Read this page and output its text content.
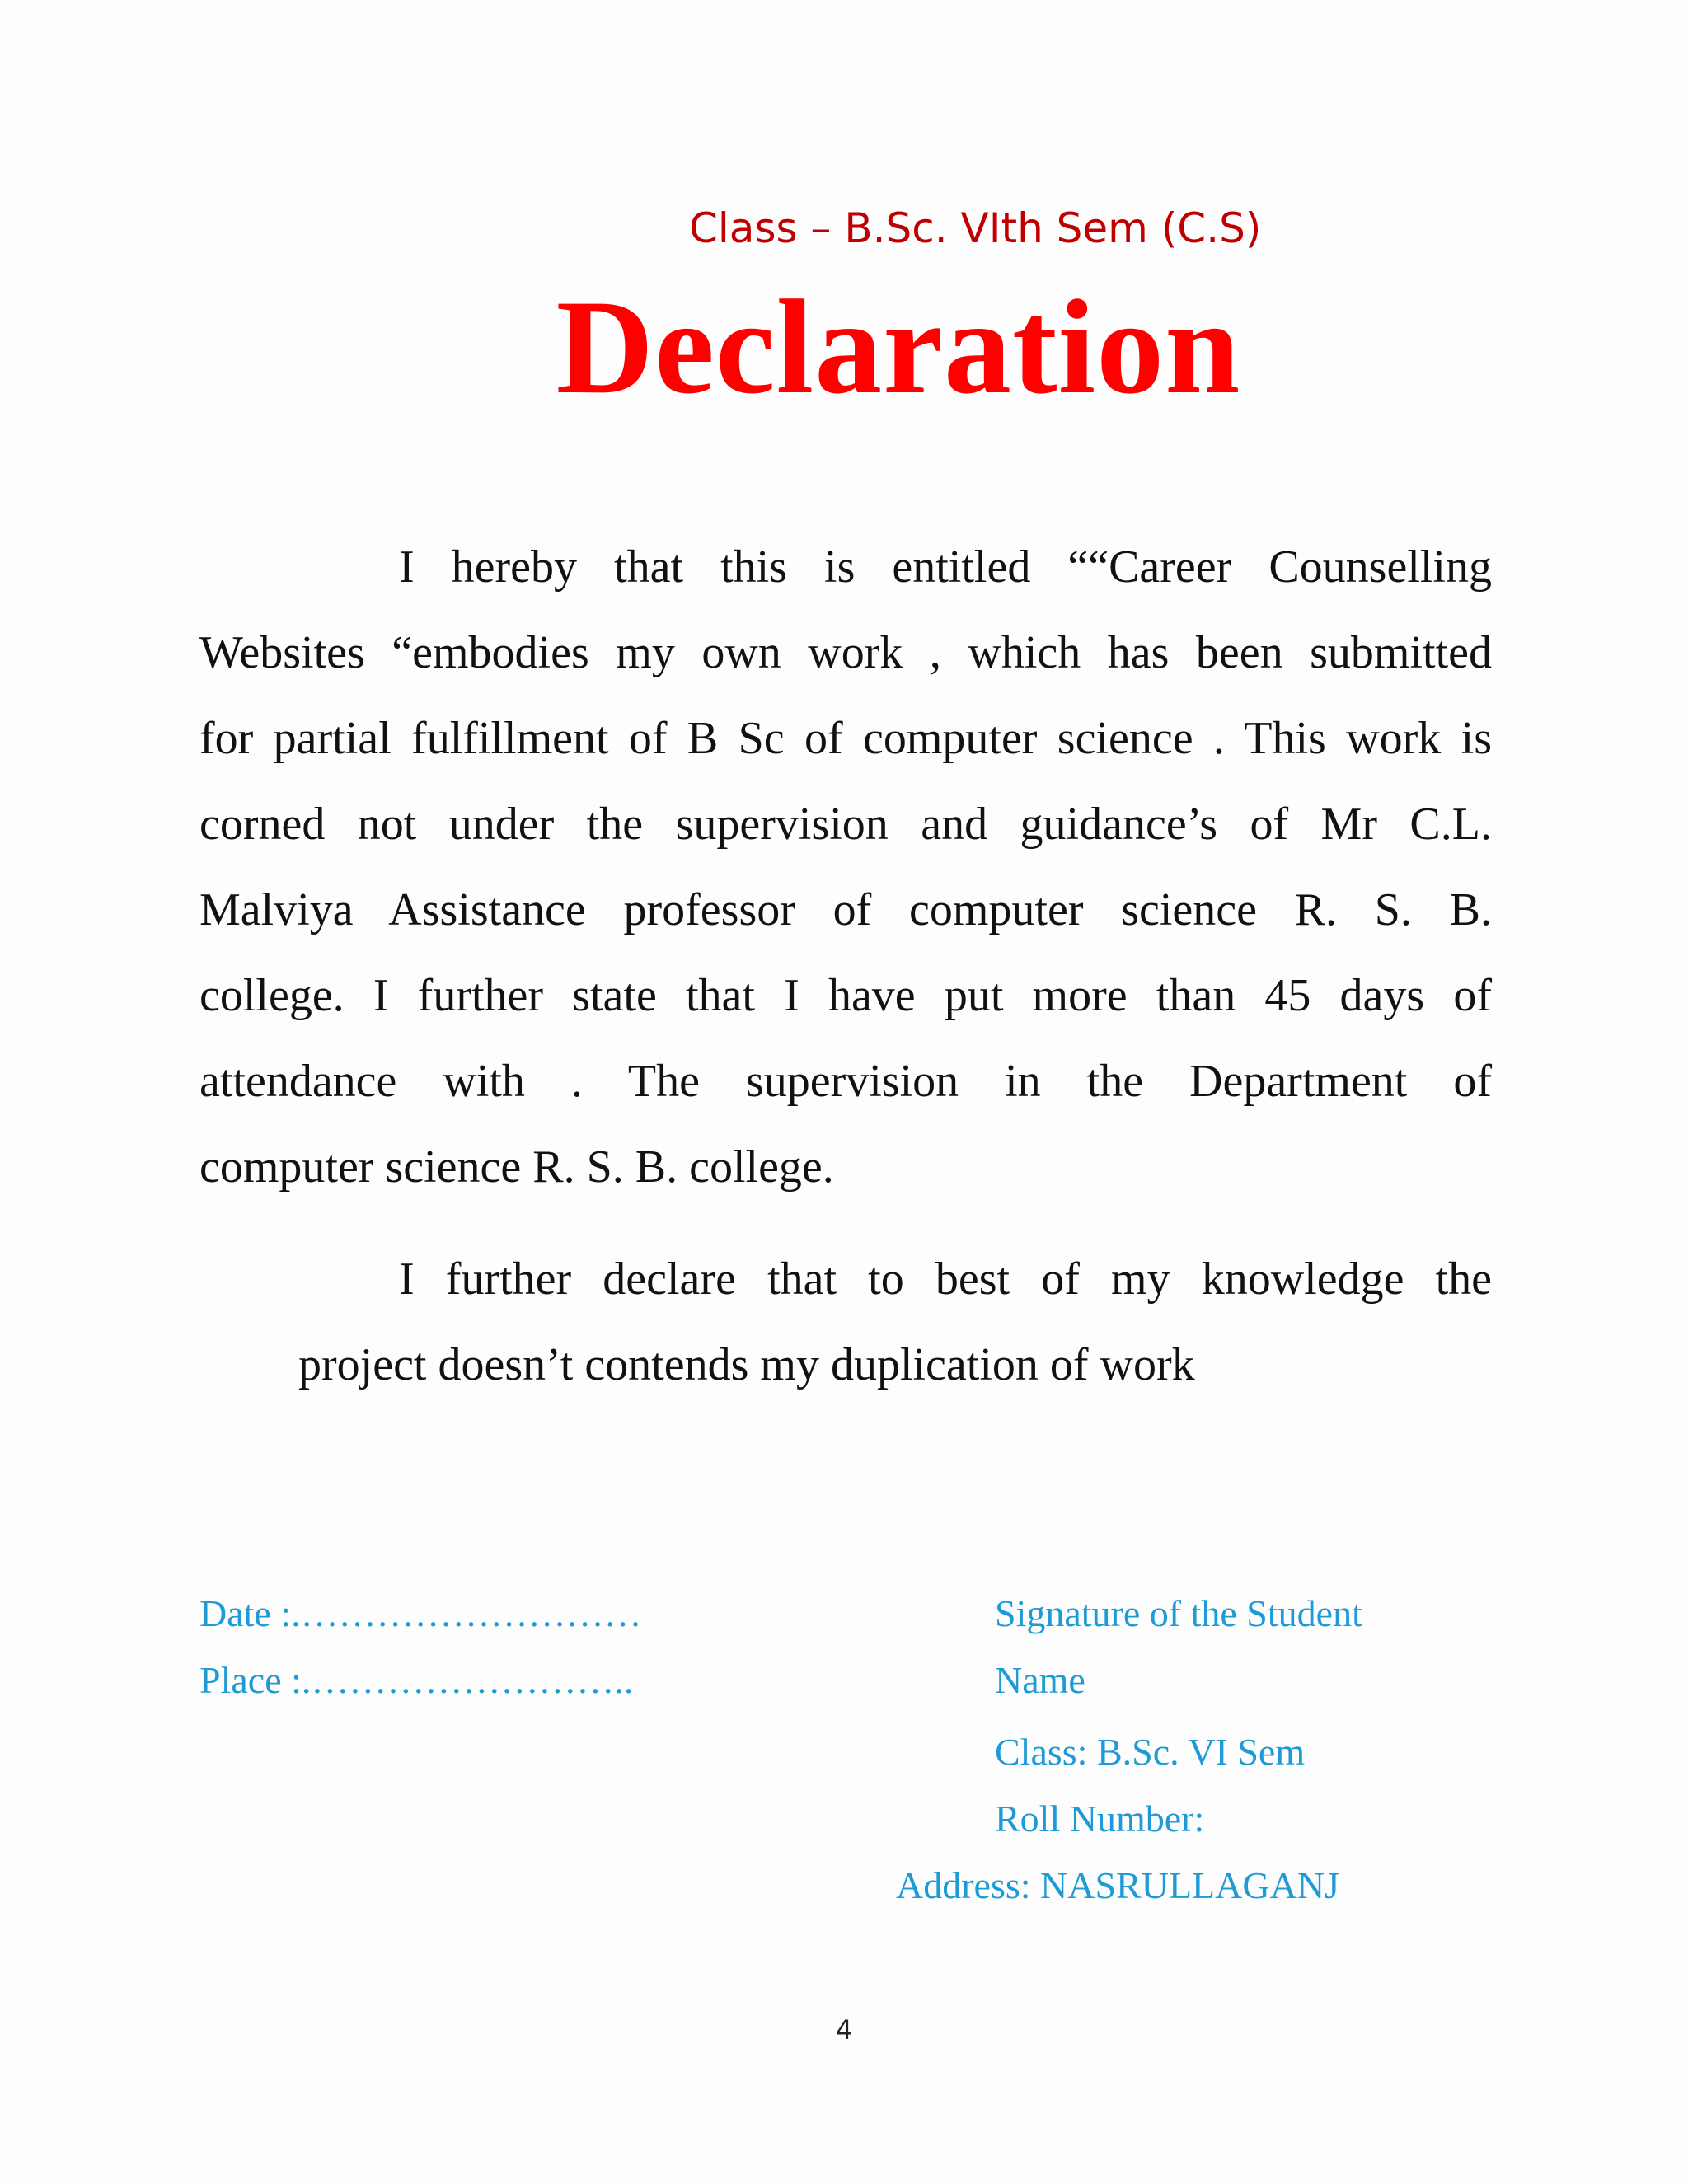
Class – B.Sc. VIth Sem (C.S)
Declaration
I hereby that this is entitled ““Career Counselling
Websites “embodies my own work , which has been submitted
for partial fulfillment of B Sc of computer science . This work is
corned not under the supervision and guidance’s of Mr C.L.
Malviya Assistance professor of computer science R. S. B.
college. I further state that I have put more than 45 days of
attendance with . The supervision in the Department of
computer science R. S. B. college.
I further declare that to best of my knowledge the
project doesn’t contends my duplication of work
Date :.………………………
Place :.……………………..
Signature of the Student
Name
Class: B.Sc. VI Sem
Roll Number:
Address: NASRULLAGANJ
4
